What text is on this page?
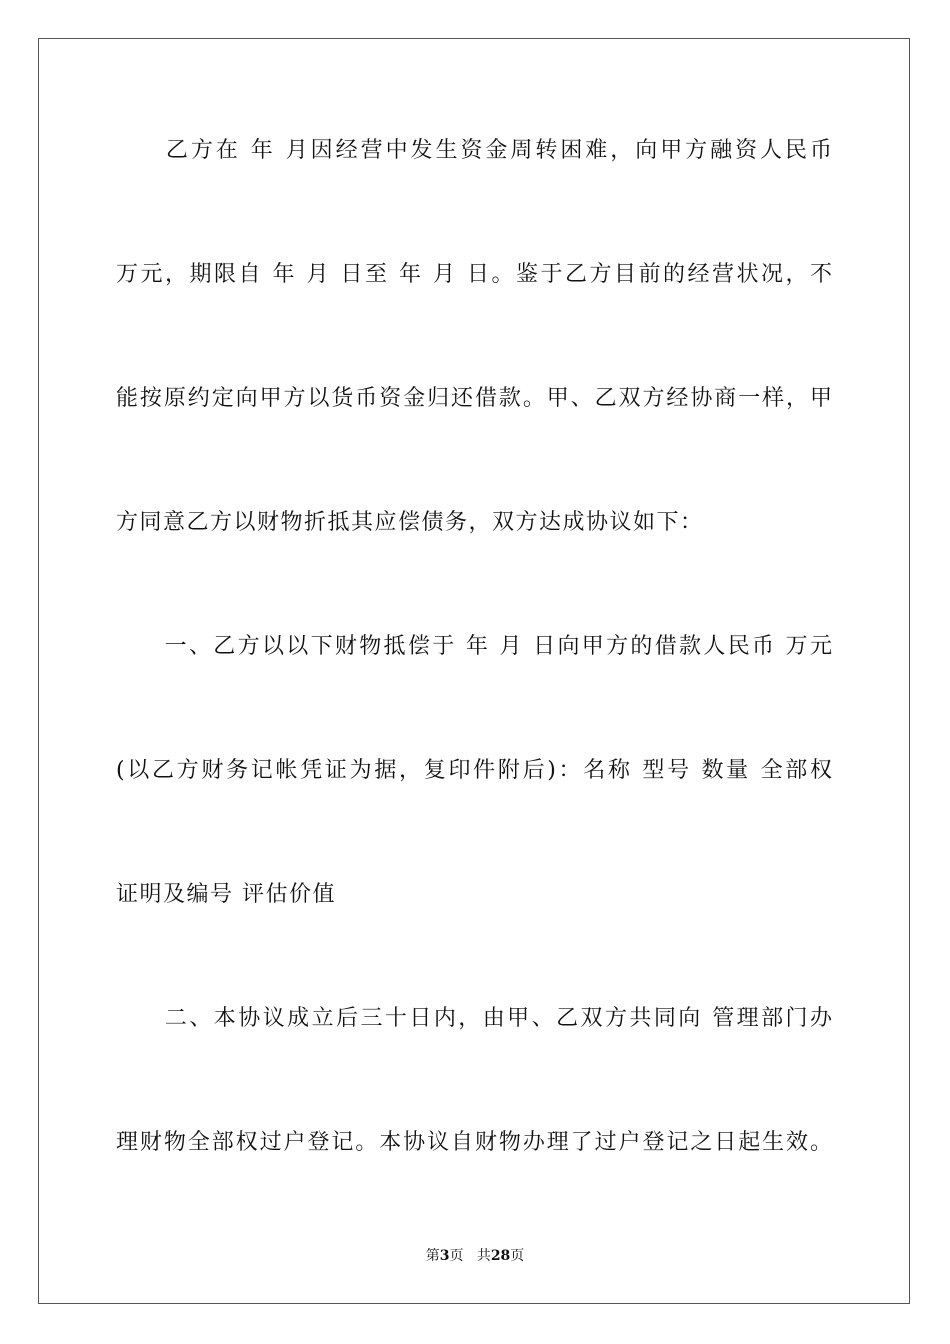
　　乙方在 年 月因经营中发生资金周转困难，向甲方融资人民币
万元，期限自 年 月 日至 年 月 日。鉴于乙方目前的经营状况，不
能按原约定向甲方以货币资金归还借款。甲、乙双方经协商一样，甲
方同意乙方以财物折抵其应偿债务，双方达成协议如下：
　　一、乙方以以下财物抵偿于 年 月 日向甲方的借款人民币 万元
(以乙方财务记帐凭证为据，复印件附后)：名称 型号 数量 全部权
证明及编号 评估价值
　　二、本协议成立后三十日内，由甲、乙双方共同向 管理部门办
理财物全部权过户登记。本协议自财物办理了过户登记之日起生效。
第3页 共28页
